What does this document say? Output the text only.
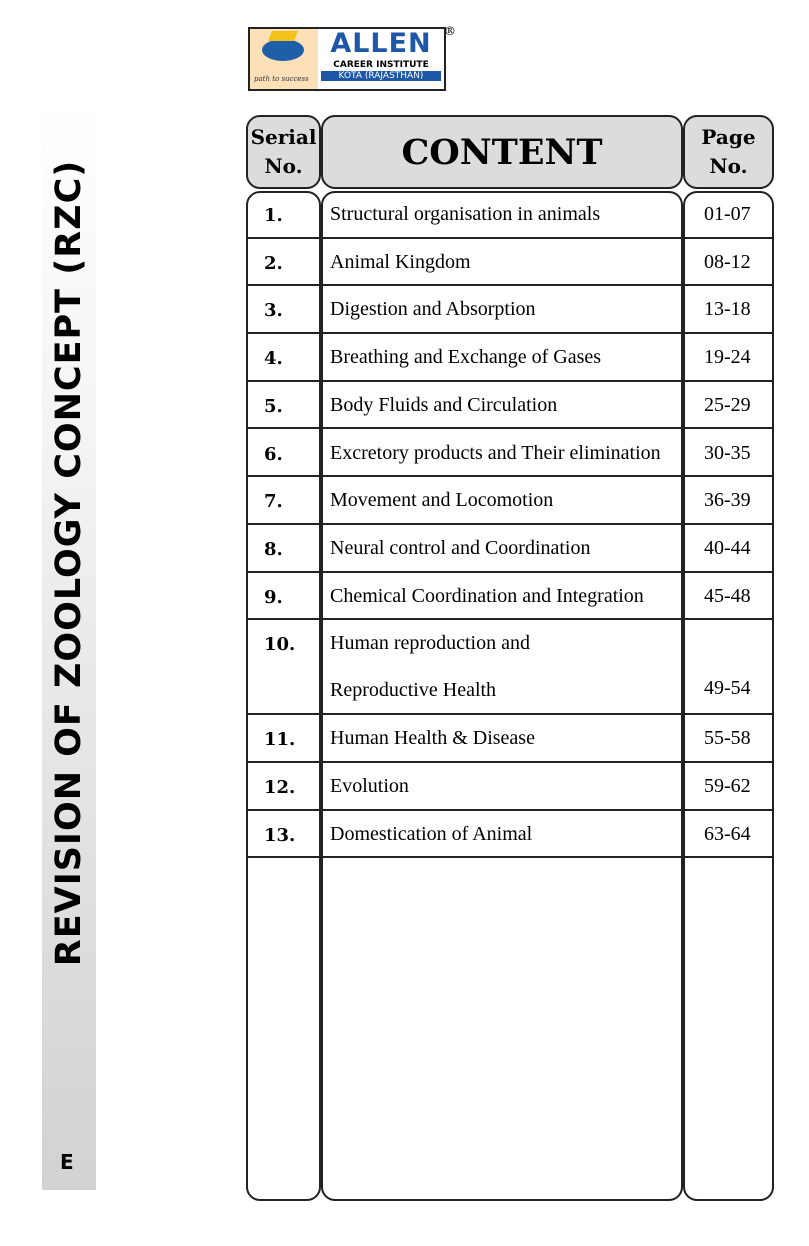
REVISION OF ZOOLOGY CONCEPT (RZC)
E
path to success
ALLEN
CAREER INSTITUTE
KOTA (RAJASTHAN)
®
Serial No.	CONTENT	Page No.
1. Structural organisation in animals	01-07
2. Animal Kingdom	08-12
3. Digestion and Absorption	13-18
4. Breathing and Exchange of Gases	19-24
5. Body Fluids and Circulation	25-29
6. Excretory products and Their elimination 30-35
7. Movement and Locomotion	36-39
8. Neural control and Coordination	40-44
9. Chemical Coordination and Integration	45-48
10. Human reproduction and
Reproductive Health	49-54
11. Human Health & Disease	55-58
12. Evolution	59-62
13. Domestication of Animal	63-64
